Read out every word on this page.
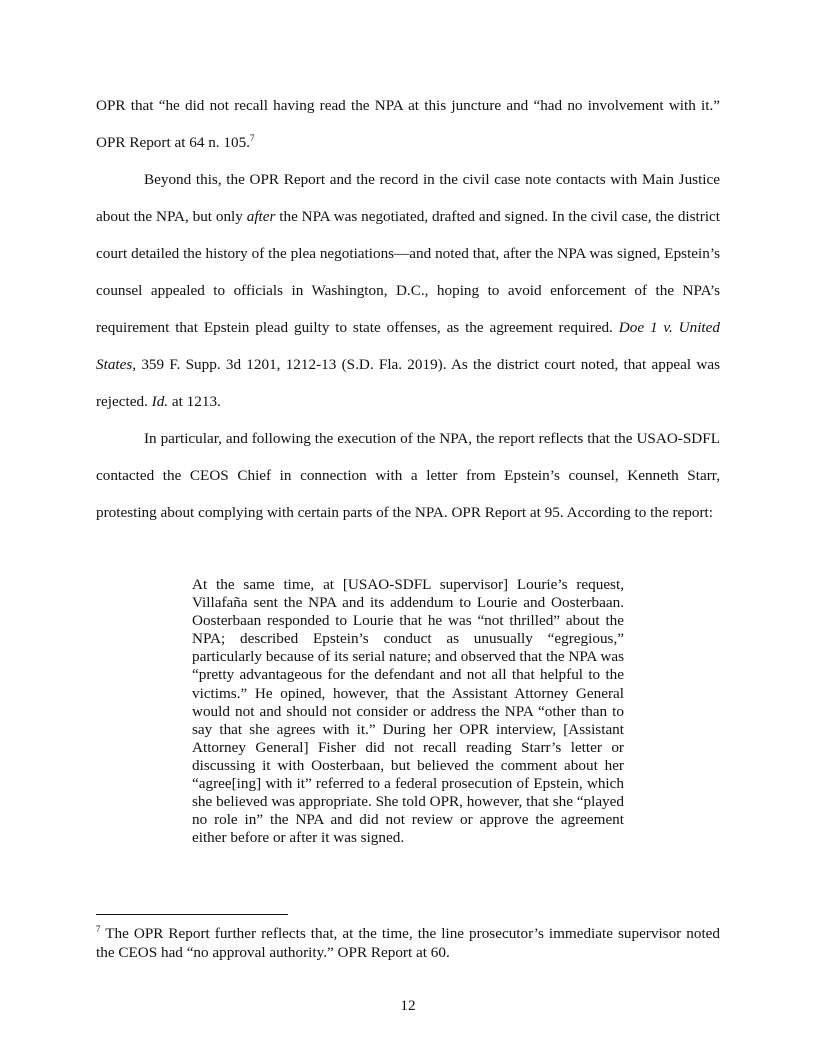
OPR that “he did not recall having read the NPA at this juncture and “had no involvement with it.” OPR Report at 64 n. 105.$^7$

Beyond this, the OPR Report and the record in the civil case note contacts with Main Justice about the NPA, but only after the NPA was negotiated, drafted and signed. In the civil case, the district court detailed the history of the plea negotiations—and noted that, after the NPA was signed, Epstein’s counsel appealed to officials in Washington, D.C., hoping to avoid enforcement of the NPA’s requirement that Epstein plead guilty to state offenses, as the agreement required. Doe 1 v. United States, 359 F. Supp. 3d 1201, 1212-13 (S.D. Fla. 2019). As the district court noted, that appeal was rejected. Id. at 1213.

In particular, and following the execution of the NPA, the report reflects that the USAO-SDFL contacted the CEOS Chief in connection with a letter from Epstein’s counsel, Kenneth Starr, protesting about complying with certain parts of the NPA. OPR Report at 95. According to the report:

At the same time, at [USAO-SDFL supervisor] Lourie’s request, Villafaña sent the NPA and its addendum to Lourie and Oosterbaan. Oosterbaan responded to Lourie that he was “not thrilled” about the NPA; described Epstein’s conduct as unusually “egregious,” particularly because of its serial nature; and observed that the NPA was “pretty advantageous for the defendant and not all that helpful to the victims.” He opined, however, that the Assistant Attorney General would not and should not consider or address the NPA “other than to say that she agrees with it.” During her OPR interview, [Assistant Attorney General] Fisher did not recall reading Starr’s letter or discussing it with Oosterbaan, but believed the comment about her “agree[ing] with it” referred to a federal prosecution of Epstein, which she believed was appropriate. She told OPR, however, that she “played no role in” the NPA and did not review or approve the agreement either before or after it was signed.

$^7$ The OPR Report further reflects that, at the time, the line prosecutor’s immediate supervisor noted the CEOS had “no approval authority.” OPR Report at 60.

12
